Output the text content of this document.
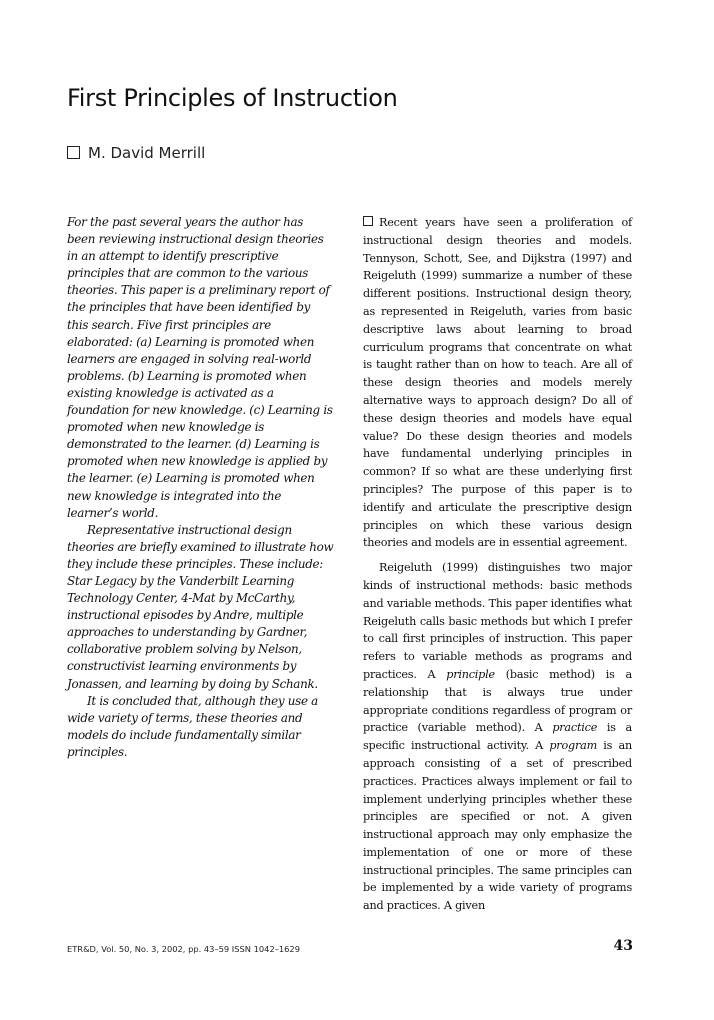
First Principles of Instruction
M. David Merrill

For the past several years the author has been reviewing instructional design theories in an attempt to identify prescriptive principles that are common to the various theories. This paper is a preliminary report of the principles that have been identified by this search. Five first principles are elaborated: (a) Learning is promoted when learners are engaged in solving real-world problems. (b) Learning is promoted when existing knowledge is activated as a foundation for new knowledge. (c) Learning is promoted when new knowledge is demonstrated to the learner. (d) Learning is promoted when new knowledge is applied by the learner. (e) Learning is promoted when new knowledge is integrated into the learner’s world.

Representative instructional design theories are briefly examined to illustrate how they include these principles. These include: Star Legacy by the Vanderbilt Learning Technology Center, 4-Mat by McCarthy, instructional episodes by Andre, multiple approaches to understanding by Gardner, collaborative problem solving by Nelson, constructivist learning environments by Jonassen, and learning by doing by Schank.

It is concluded that, although they use a wide variety of terms, these theories and models do include fundamentally similar principles.

Recent years have seen a proliferation of instructional design theories and models. Tennyson, Schott, See, and Dijkstra (1997) and Reigeluth (1999) summarize a number of these different positions. Instructional design theory, as represented in Reigeluth, varies from basic descriptive laws about learning to broad curriculum programs that concentrate on what is taught rather than on how to teach. Are all of these design theories and models merely alternative ways to approach design? Do all of these design theories and models have equal value? Do these design theories and models have fundamental underlying principles in common? If so what are these underlying first principles? The purpose of this paper is to identify and articulate the prescriptive design principles on which these various design theories and models are in essential agreement.

Reigeluth (1999) distinguishes two major kinds of instructional methods: basic methods and variable methods. This paper identifies what Reigeluth calls basic methods but which I prefer to call first principles of instruction. This paper refers to variable methods as programs and practices. A principle (basic method) is a relationship that is always true under appropriate conditions regardless of program or practice (variable method). A practice is a specific instructional activity. A program is an approach consisting of a set of prescribed practices. Practices always implement or fail to implement underlying principles whether these principles are specified or not. A given instructional approach may only emphasize the implementation of one or more of these instructional principles. The same principles can be implemented by a wide variety of programs and practices. A given

ETR&D, Vol. 50, No. 3, 2002, pp. 43–59 ISSN 1042–1629	43
